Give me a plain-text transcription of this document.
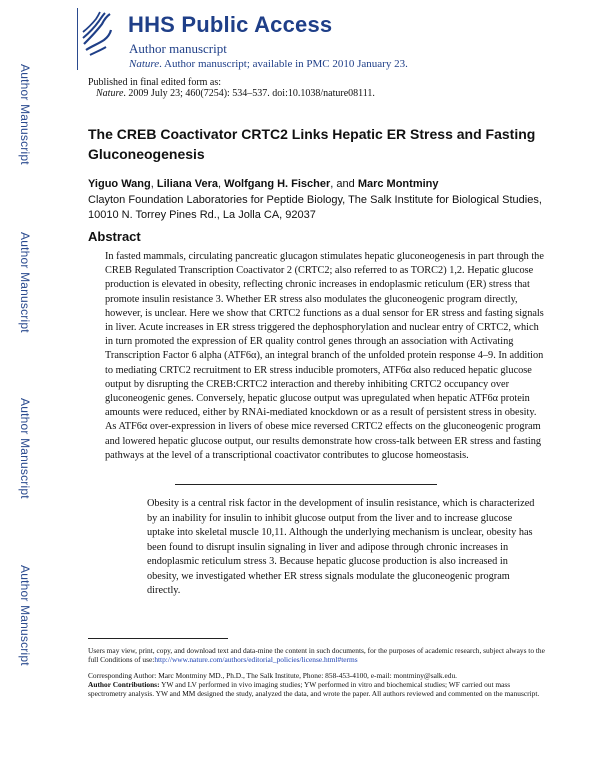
Author Manuscript
Author Manuscript
Author Manuscript
Author Manuscript
HHS Public Access
Author manuscript
Nature. Author manuscript; available in PMC 2010 January 23.
Published in final edited form as:
Nature. 2009 July 23; 460(7254): 534–537. doi:10.1038/nature08111.
The CREB Coactivator CRTC2 Links Hepatic ER Stress and Fasting Gluconeogenesis
Yiguo Wang, Liliana Vera, Wolfgang H. Fischer, and Marc Montminy
Clayton Foundation Laboratories for Peptide Biology, The Salk Institute for Biological Studies, 10010 N. Torrey Pines Rd., La Jolla CA, 92037
Abstract
In fasted mammals, circulating pancreatic glucagon stimulates hepatic gluconeogenesis in part through the CREB Regulated Transcription Coactivator 2 (CRTC2; also referred to as TORC2) 1,2. Hepatic glucose production is elevated in obesity, reflecting chronic increases in endoplasmic reticulum (ER) stress that promote insulin resistance 3. Whether ER stress also modulates the gluconeogenic program directly, however, is unclear. Here we show that CRTC2 functions as a dual sensor for ER stress and fasting signals in liver. Acute increases in ER stress triggered the dephosphorylation and nuclear entry of CRTC2, which in turn promoted the expression of ER quality control genes through an association with Activating Transcription Factor 6 alpha (ATF6α), an integral branch of the unfolded protein response 4–9. In addition to mediating CRTC2 recruitment to ER stress inducible promoters, ATF6α also reduced hepatic glucose output by disrupting the CREB:CRTC2 interaction and thereby inhibiting CRTC2 occupancy over gluconeogenic genes. Conversely, hepatic glucose output was upregulated when hepatic ATF6α protein amounts were reduced, either by RNAi-mediated knockdown or as a result of persistent stress in obesity. As ATF6α over-expression in livers of obese mice reversed CRTC2 effects on the gluconeogenic program and lowered hepatic glucose output, our results demonstrate how cross-talk between ER stress and fasting pathways at the level of a transcriptional coactivator contributes to glucose homeostasis.
Obesity is a central risk factor in the development of insulin resistance, which is characterized by an inability for insulin to inhibit glucose output from the liver and to increase glucose uptake into skeletal muscle 10,11. Although the underlying mechanism is unclear, obesity has been found to disrupt insulin signaling in liver and adipose through chronic increases in endoplasmic reticulum stress 3. Because hepatic glucose production is also increased in obesity, we investigated whether ER stress signals modulate the gluconeogenic program directly.
Users may view, print, copy, and download text and data-mine the content in such documents, for the purposes of academic research, subject always to the full Conditions of use:http://www.nature.com/authors/editorial_policies/license.html#terms
Corresponding Author: Marc Montminy MD., Ph.D., The Salk Institute, Phone: 858-453-4100, e-mail: montminy@salk.edu.
Author Contributions: YW and LV performed in vivo imaging studies; YW performed in vitro and biochemical studies; WF carried out mass spectrometry analysis. YW and MM designed the study, analyzed the data, and wrote the paper. All authors reviewed and commented on the manuscript.
